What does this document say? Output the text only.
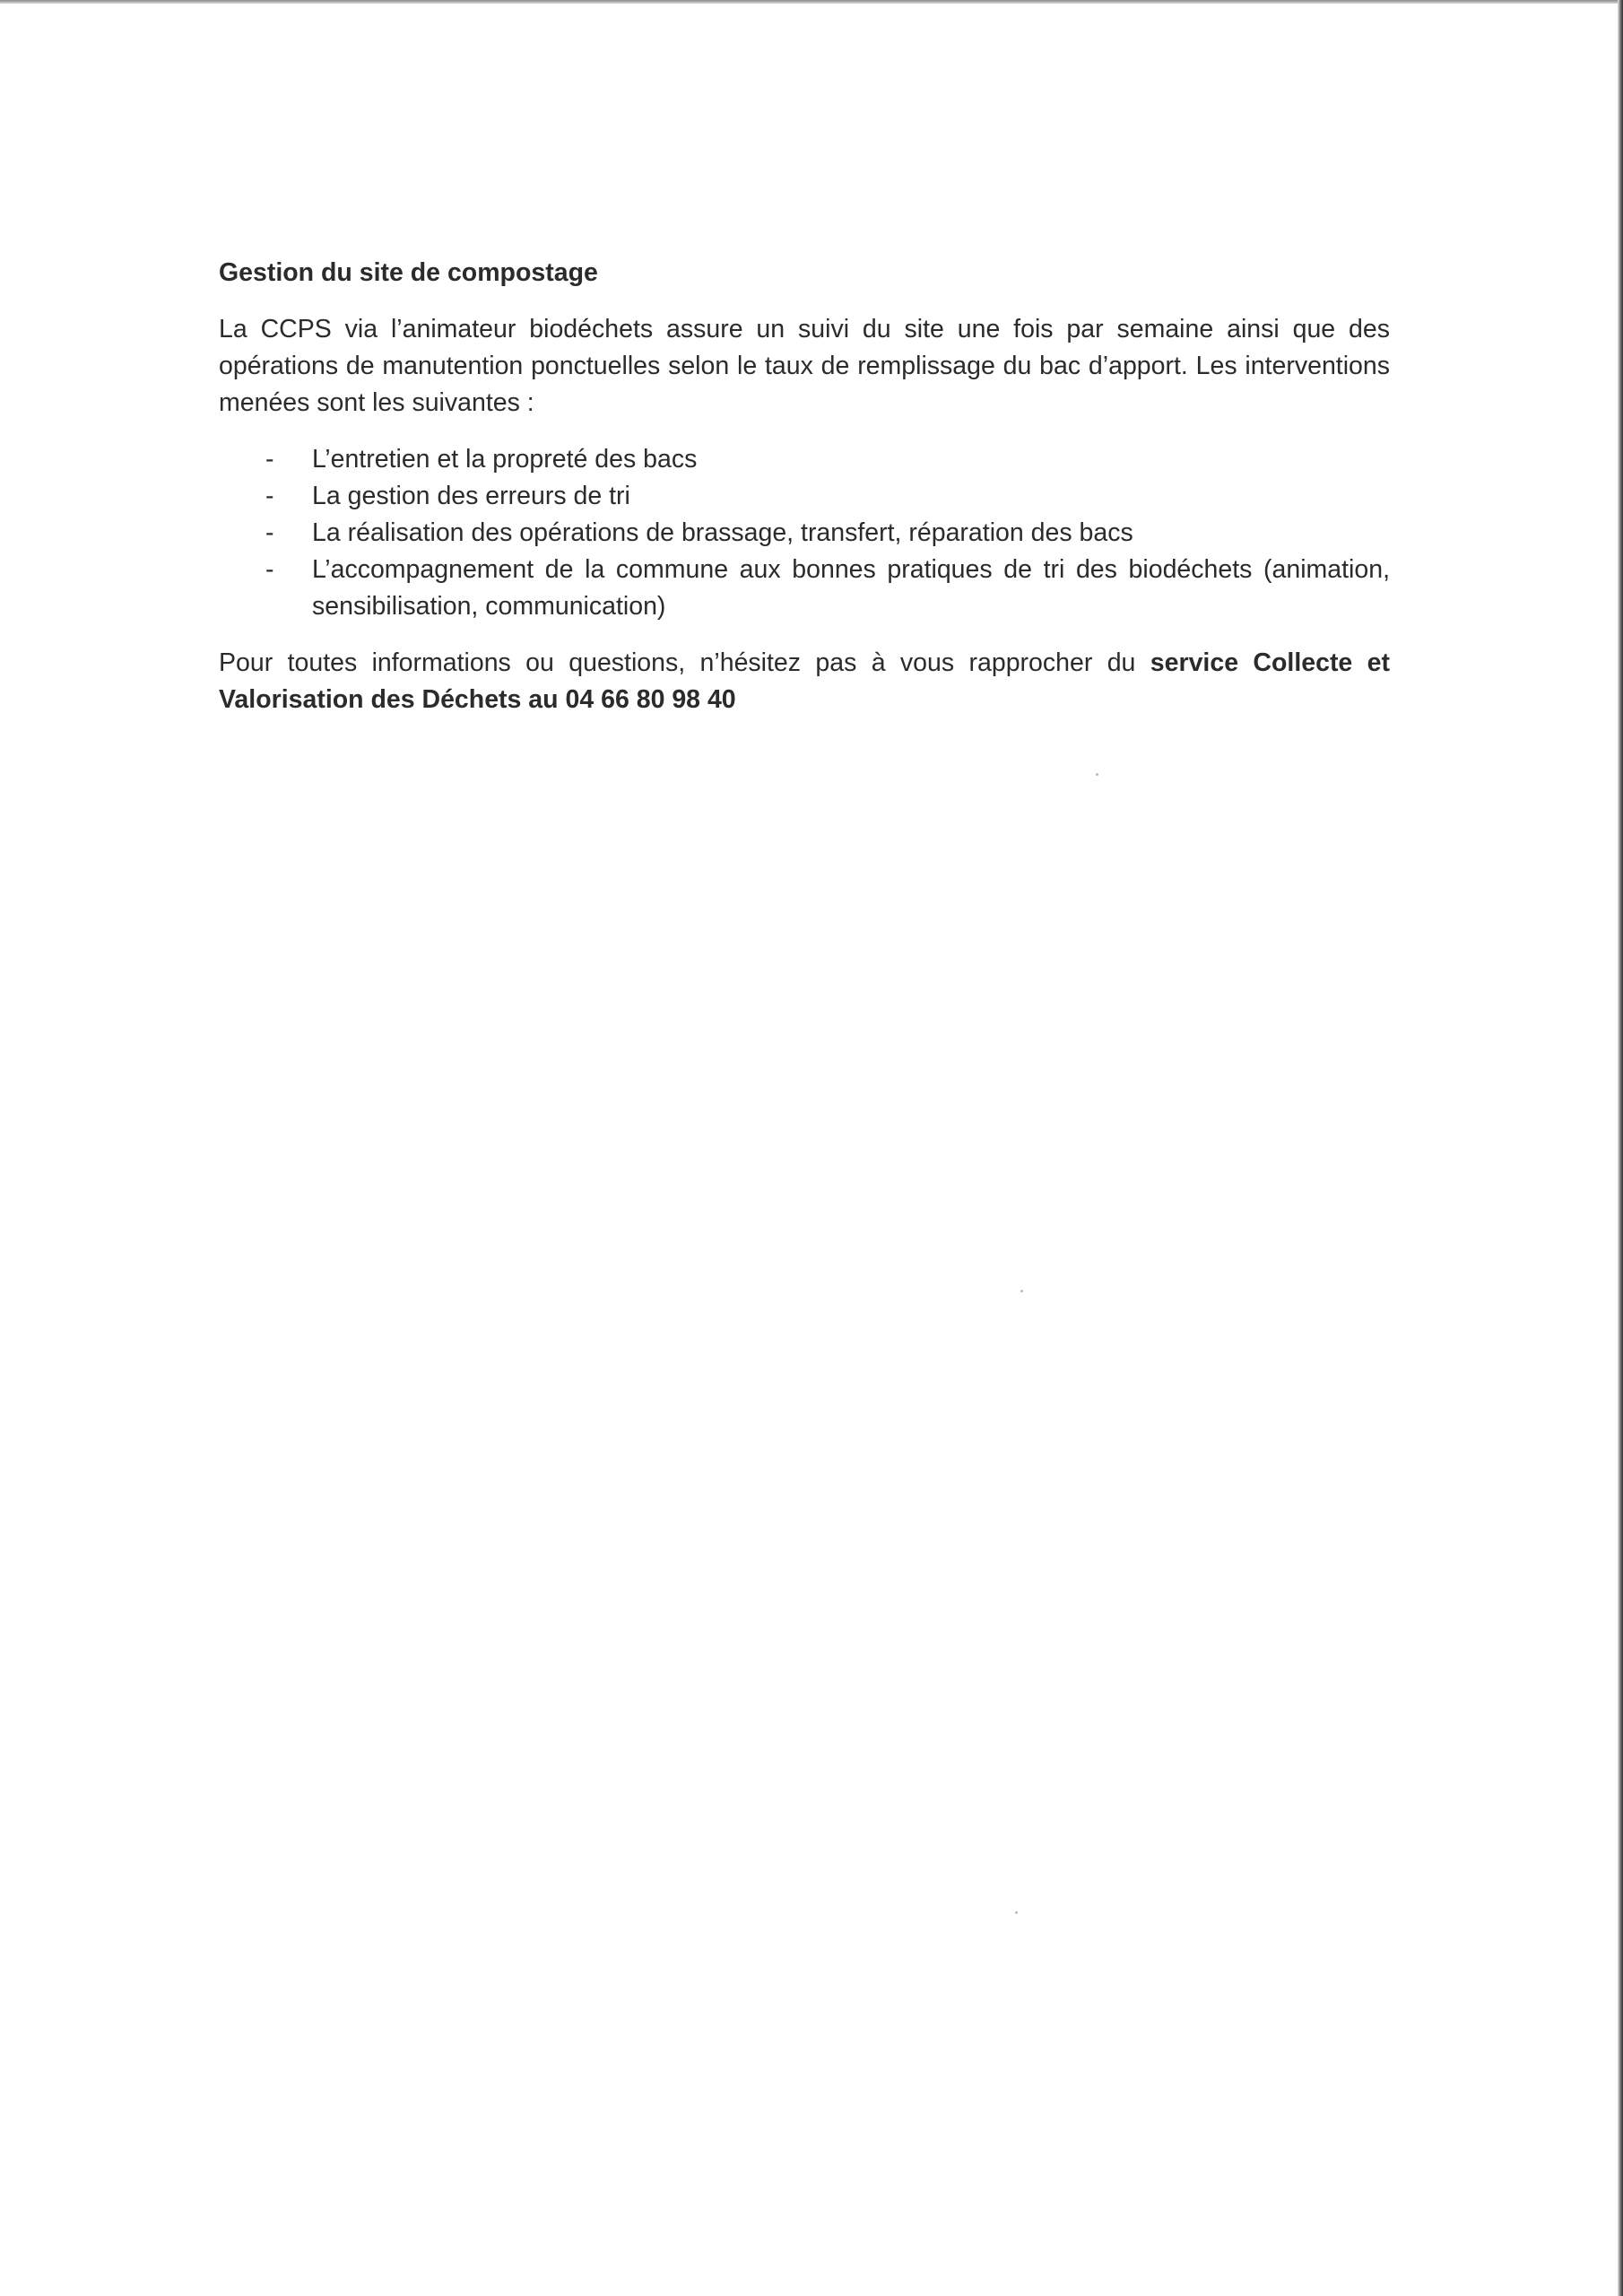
Gestion du site de compostage

La CCPS via l’animateur biodéchets assure un suivi du site une fois par semaine ainsi que des opérations de manutention ponctuelles selon le taux de remplissage du bac d’apport. Les interventions menées sont les suivantes :

- L’entretien et la propreté des bacs
- La gestion des erreurs de tri
- La réalisation des opérations de brassage, transfert, réparation des bacs
- L’accompagnement de la commune aux bonnes pratiques de tri des biodéchets (animation, sensibilisation, communication)

Pour toutes informations ou questions, n’hésitez pas à vous rapprocher du service Collecte et Valorisation des Déchets au 04 66 80 98 40
